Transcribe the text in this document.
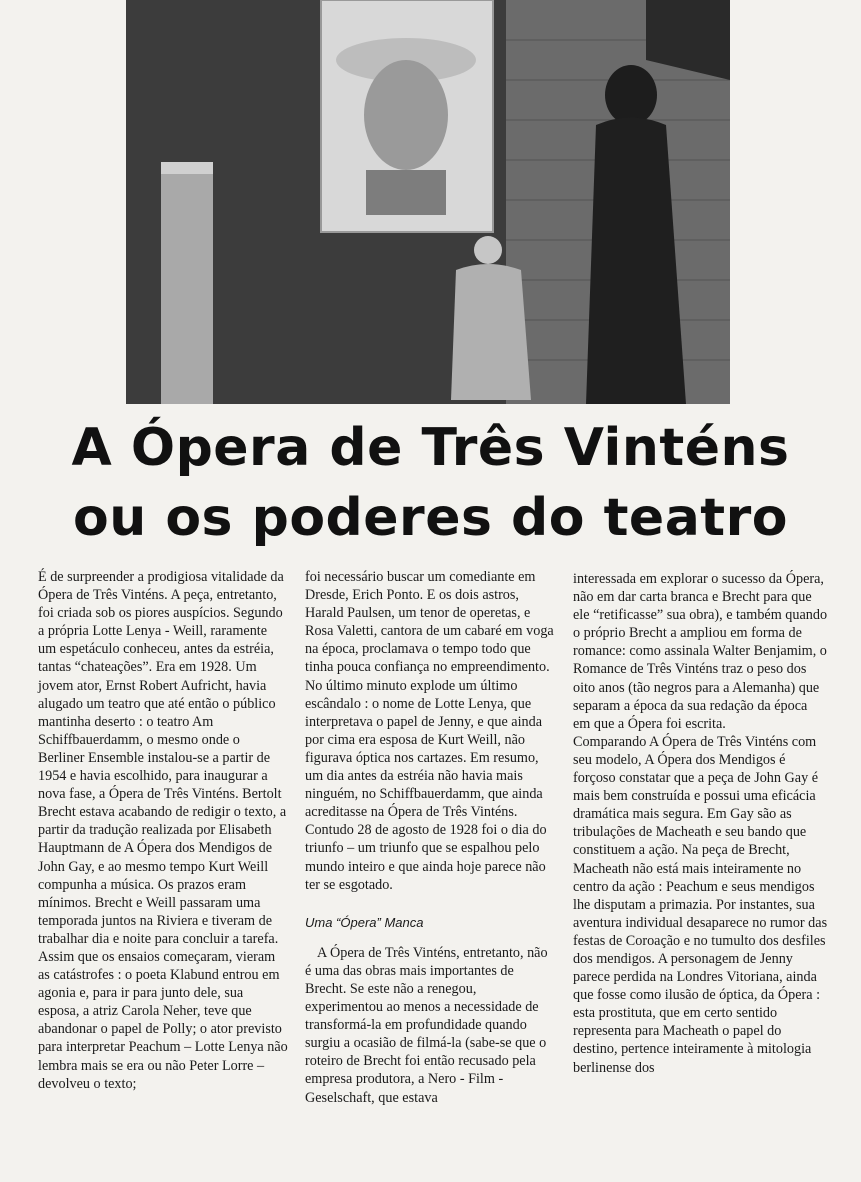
A Ópera de Três Vinténs
ou os poderes do teatro

É de surpreender a prodigiosa vitalidade da Ópera de Três Vinténs. A peça, entretanto, foi criada sob os piores auspícios. Segundo a própria Lotte Lenya - Weill, raramente um espetáculo conheceu, antes da estréia, tantas “chateações”. Era em 1928. Um jovem ator, Ernst Robert Aufricht, havia alugado um teatro que até então o público mantinha deserto : o teatro Am Schiffbauerdamm, o mesmo onde o Berliner Ensemble instalou-se a partir de 1954 e havia escolhido, para inaugurar a nova fase, a Ópera de Três Vinténs. Bertolt Brecht estava acabando de redigir o texto, a partir da tradução realizada por Elisabeth Hauptmann de A Ópera dos Mendigos de John Gay, e ao mesmo tempo Kurt Weill compunha a música. Os prazos eram mínimos. Brecht e Weill passaram uma temporada juntos na Riviera e tiveram de trabalhar dia e noite para concluir a tarefa. Assim que os ensaios começaram, vieram as catástrofes : o poeta Klabund entrou em agonia e, para ir para junto dele, sua esposa, a atriz Carola Neher, teve que abandonar o papel de Polly; o ator previsto para interpretar Peachum – Lotte Lenya não lembra mais se era ou não Peter Lorre – devolveu o texto;

foi necessário buscar um comediante em Dresde, Erich Ponto. E os dois astros, Harald Paulsen, um tenor de operetas, e Rosa Valetti, cantora de um cabaré em voga na época, proclamava o tempo todo que tinha pouca confiança no empreendimento. No último minuto explode um último escândalo : o nome de Lotte Lenya, que interpretava o papel de Jenny, e que ainda por cima era esposa de Kurt Weill, não figurava óptica nos cartazes. Em resumo, um dia antes da estréia não havia mais ninguém, no Schiffbauerdamm, que ainda acreditasse na Ópera de Três Vinténs. Contudo 28 de agosto de 1928 foi o dia do triunfo – um triunfo que se espalhou pelo mundo inteiro e que ainda hoje parece não ter se esgotado.

Uma “Ópera” Manca

A Ópera de Três Vinténs, entretanto, não é uma das obras mais importantes de Brecht. Se este não a renegou, experimentou ao menos a necessidade de transformá-la em profundidade quando surgiu a ocasião de filmá-la (sabe-se que o roteiro de Brecht foi então recusado pela empresa produtora, a Nero - Film - Geselschaft, que estava

interessada em explorar o sucesso da Ópera, não em dar carta branca e Brecht para que ele “retificasse” sua obra), e também quando o próprio Brecht a ampliou em forma de romance: como assinala Walter Benjamim, o Romance de Três Vinténs traz o peso dos oito anos (tão negros para a Alemanha) que separam a época da sua redação da época em que a Ópera foi escrita.

Comparando A Ópera de Três Vinténs com seu modelo, A Ópera dos Mendigos é forçoso constatar que a peça de John Gay é mais bem construída e possui uma eficácia dramática mais segura. Em Gay são as tribulações de Macheath e seu bando que constituem a ação. Na peça de Brecht, Macheath não está mais inteiramente no centro da ação : Peachum e seus mendigos lhe disputam a primazia. Por instantes, sua aventura individual desaparece no rumor das festas de Coroação e no tumulto dos desfiles dos mendigos. A personagem de Jenny parece perdida na Londres Vitoriana, ainda que fosse como ilusão de óptica, da Ópera : esta prostituta, que em certo sentido representa para Macheath o papel do destino, pertence inteiramente à mitologia berlinense dos
